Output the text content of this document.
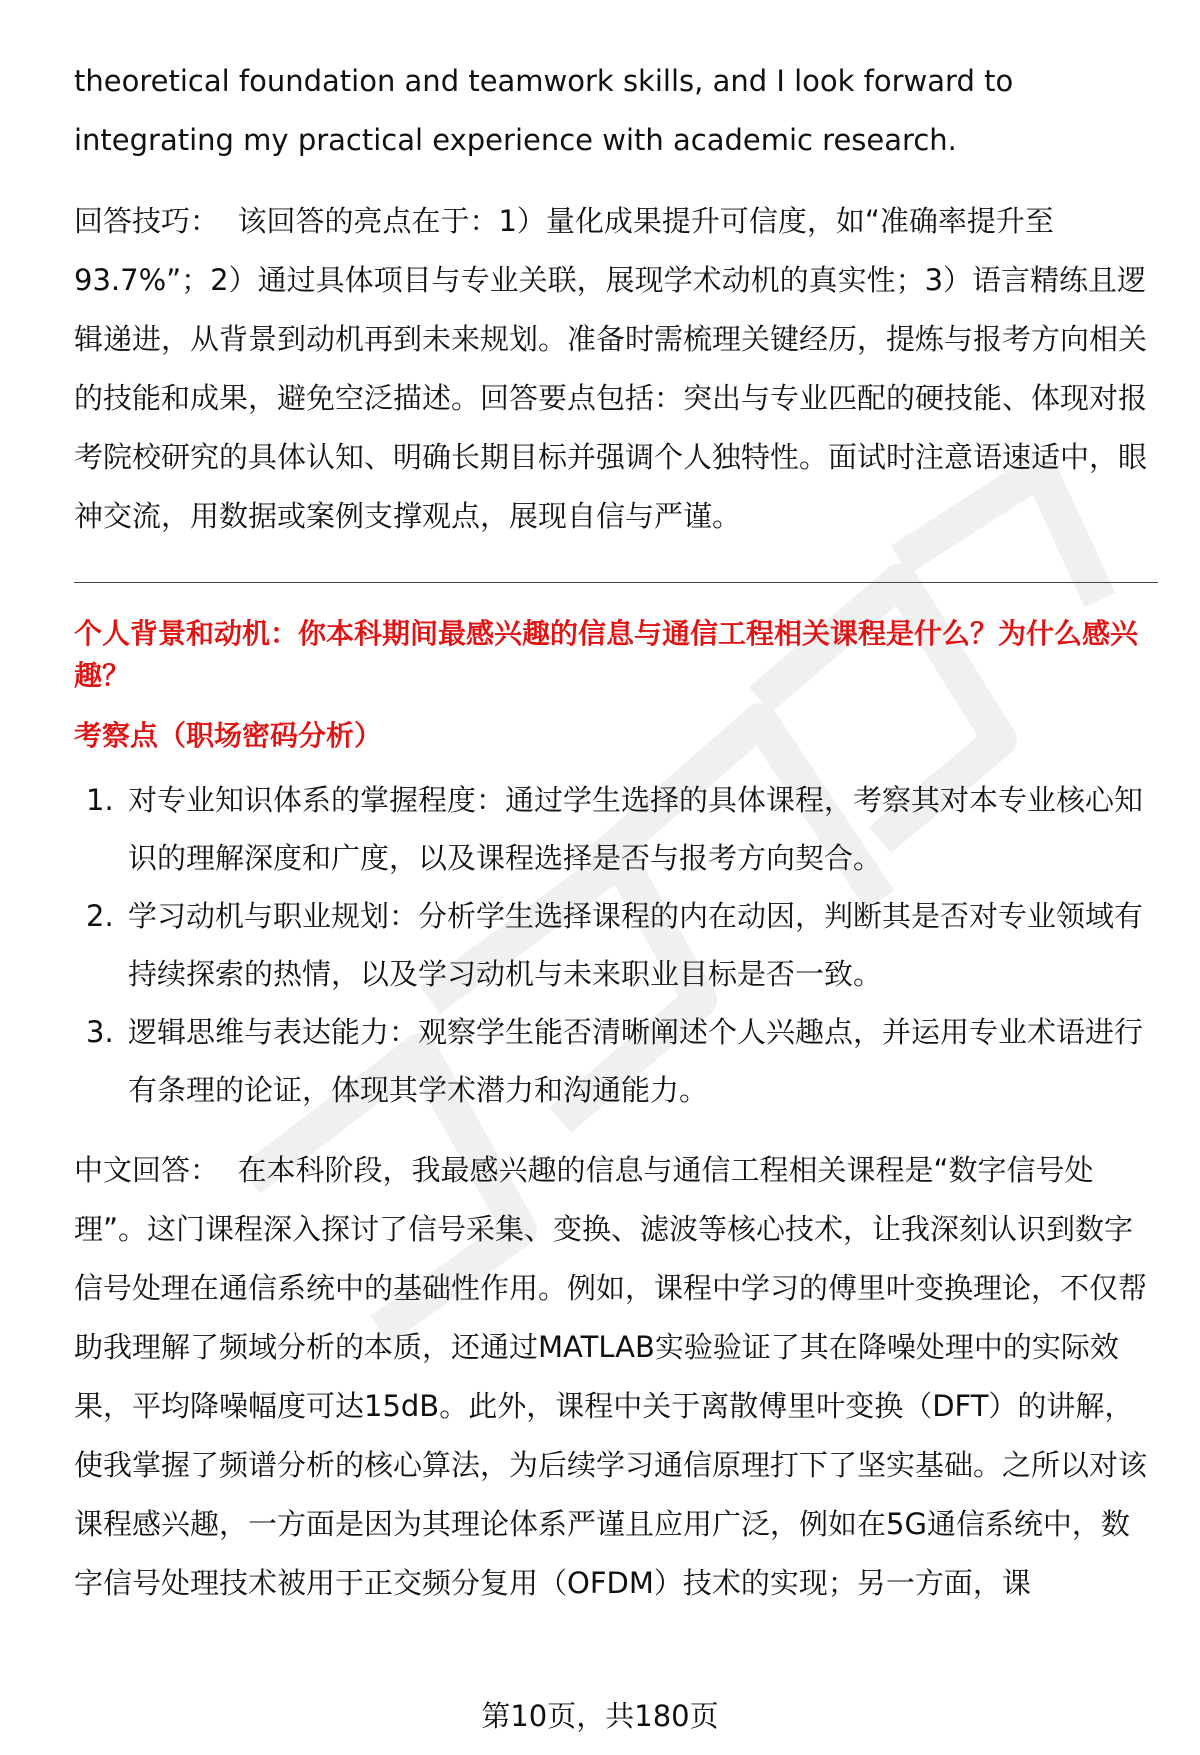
theoretical foundation and teamwork skills, and I look forward to integrating my practical experience with academic research.

回答技巧： 该回答的亮点在于：1）量化成果提升可信度，如“准确率提升至93.7%”；2）通过具体项目与专业关联，展现学术动机的真实性；3）语言精练且逻辑递进，从背景到动机再到未来规划。准备时需梳理关键经历，提炼与报考方向相关的技能和成果，避免空泛描述。回答要点包括：突出与专业匹配的硬技能、体现对报考院校研究的具体认知、明确长期目标并强调个人独特性。面试时注意语速适中，眼神交流，用数据或案例支撑观点，展现自信与严谨。

个人背景和动机：你本科期间最感兴趣的信息与通信工程相关课程是什么？为什么感兴趣？

考察点（职场密码分析）

1. 对专业知识体系的掌握程度：通过学生选择的具体课程，考察其对本专业核心知识的理解深度和广度，以及课程选择是否与报考方向契合。
2. 学习动机与职业规划：分析学生选择课程的内在动因，判断其是否对专业领域有持续探索的热情，以及学习动机与未来职业目标是否一致。
3. 逻辑思维与表达能力：观察学生能否清晰阐述个人兴趣点，并运用专业术语进行有条理的论证，体现其学术潜力和沟通能力。

中文回答： 在本科阶段，我最感兴趣的信息与通信工程相关课程是“数字信号处理”。这门课程深入探讨了信号采集、变换、滤波等核心技术，让我深刻认识到数字信号处理在通信系统中的基础性作用。例如，课程中学习的傅里叶变换理论，不仅帮助我理解了频域分析的本质，还通过MATLAB实验验证了其在降噪处理中的实际效果，平均降噪幅度可达15dB。此外，课程中关于离散傅里叶变换（DFT）的讲解，使我掌握了频谱分析的核心算法，为后续学习通信原理打下了坚实基础。之所以对该课程感兴趣，一方面是因为其理论体系严谨且应用广泛，例如在5G通信系统中，数字信号处理技术被用于正交频分复用（OFDM）技术的实现；另一方面，课

第10页，共180页
